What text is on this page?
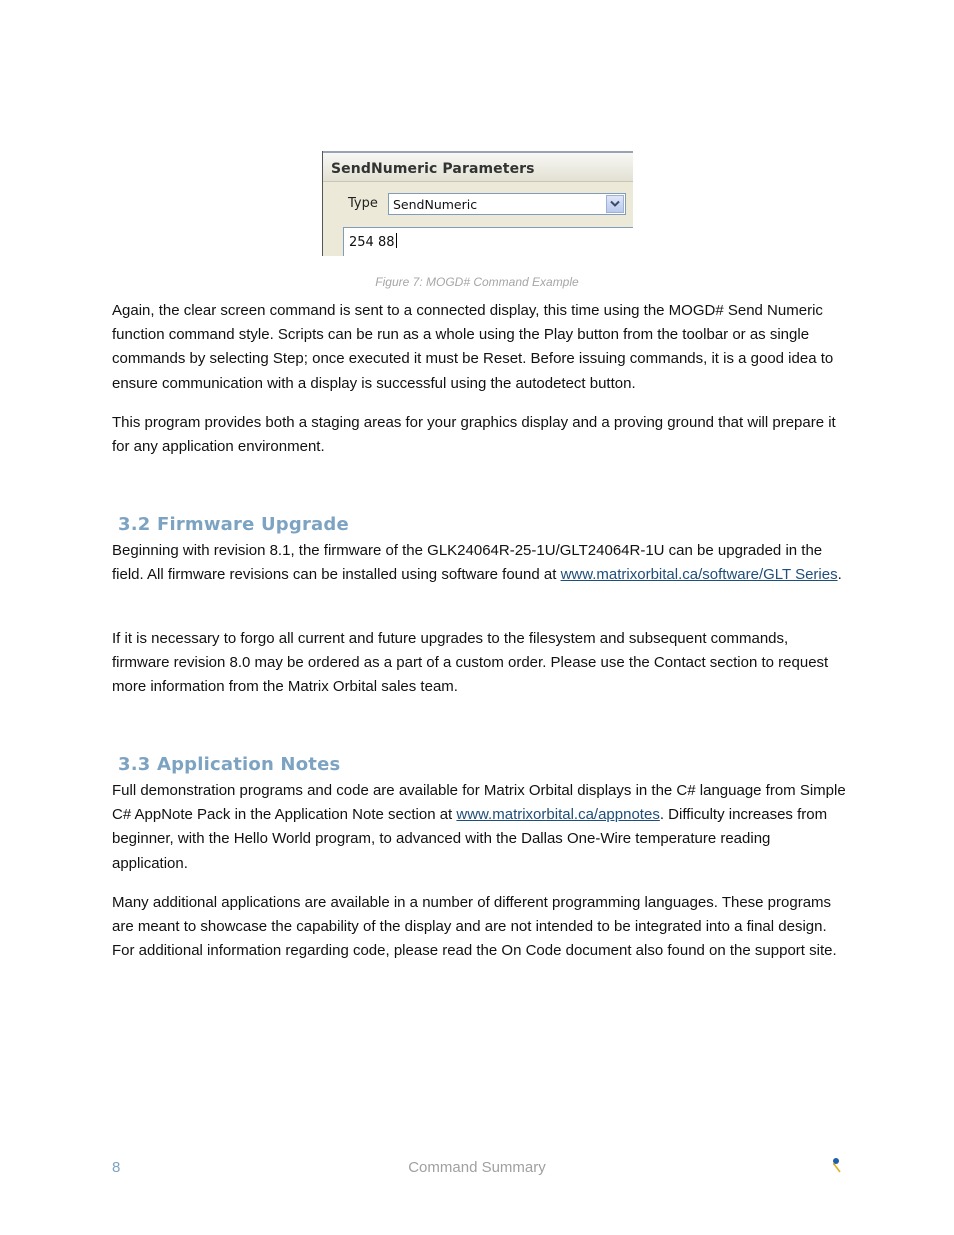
SendNumeric Parameters
Type SendNumeric
254 88
Figure 7: MOGD# Command Example

Again, the clear screen command is sent to a connected display, this time using the MOGD# Send Numeric function command style. Scripts can be run as a whole using the Play button from the toolbar or as single commands by selecting Step; once executed it must be Reset. Before issuing commands, it is a good idea to ensure communication with a display is successful using the autodetect button.

This program provides both a staging areas for your graphics display and a proving ground that will prepare it for any application environment.

3.2 Firmware Upgrade

Beginning with revision 8.1, the firmware of the GLK24064R-25-1U/GLT24064R-1U can be upgraded in the field. All firmware revisions can be installed using software found at www.matrixorbital.ca/software/GLT Series.

If it is necessary to forgo all current and future upgrades to the filesystem and subsequent commands, firmware revision 8.0 may be ordered as a part of a custom order. Please use the Contact section to request more information from the Matrix Orbital sales team.

3.3 Application Notes

Full demonstration programs and code are available for Matrix Orbital displays in the C# language from Simple C# AppNote Pack in the Application Note section at www.matrixorbital.ca/appnotes. Difficulty increases from beginner, with the Hello World program, to advanced with the Dallas One-Wire temperature reading application.

Many additional applications are available in a number of different programming languages. These programs are meant to showcase the capability of the display and are not intended to be integrated into a final design. For additional information regarding code, please read the On Code document also found on the support site.

8	Command Summary
